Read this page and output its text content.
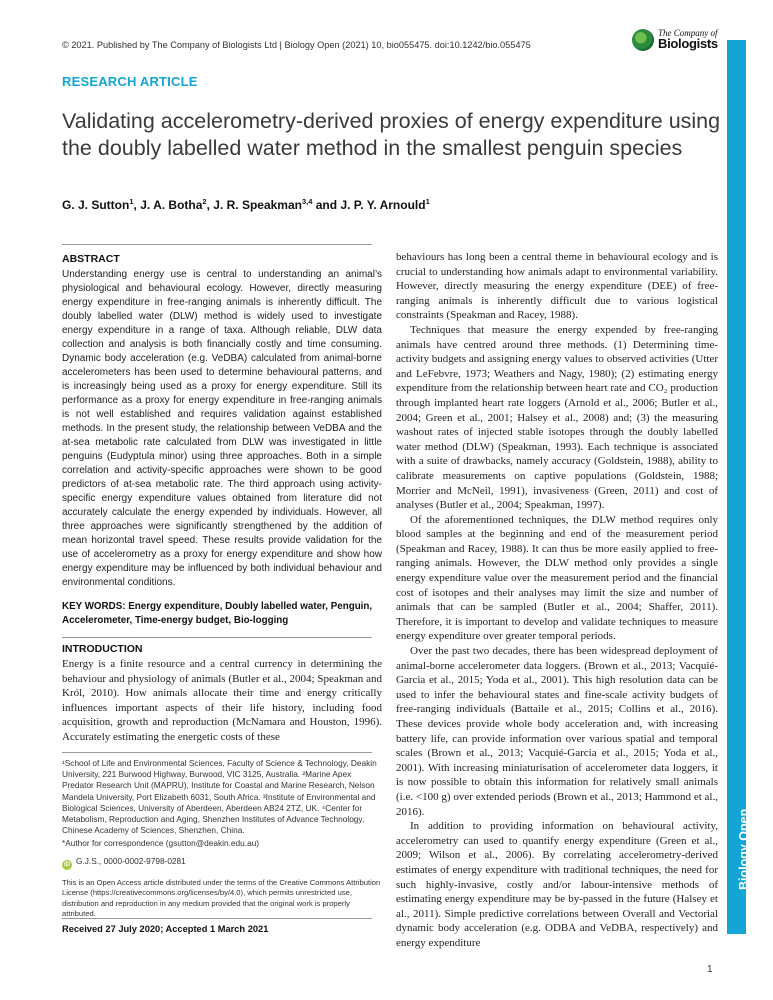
© 2021. Published by The Company of Biologists Ltd | Biology Open (2021) 10, bio055475. doi:10.1242/bio.055475
The Company of
Biologists
Biology Open
RESEARCH ARTICLE
Validating accelerometry-derived proxies of energy expenditure using the doubly labelled water method in the smallest penguin species
G. J. Sutton$^1$, J. A. Botha$^2$, J. R. Speakman$^{3,4}$ and J. P. Y. Arnould$^1$
ABSTRACT

Understanding energy use is central to understanding an animal’s physiological and behavioural ecology. However, directly measuring energy expenditure in free-ranging animals is inherently difficult. The doubly labelled water (DLW) method is widely used to investigate energy expenditure in a range of taxa. Although reliable, DLW data collection and analysis is both financially costly and time consuming. Dynamic body acceleration (e.g. VeDBA) calculated from animal-borne accelerometers has been used to determine behavioural patterns, and is increasingly being used as a proxy for energy expenditure. Still its performance as a proxy for energy expenditure in free-ranging animals is not well established and requires validation against established methods. In the present study, the relationship between VeDBA and the at-sea metabolic rate calculated from DLW was investigated in little penguins (Eudyptula minor) using three approaches. Both in a simple correlation and activity-specific approaches were shown to be good predictors of at-sea metabolic rate. The third approach using activity-specific energy expenditure values obtained from literature did not accurately calculate the energy expended by individuals. However, all three approaches were significantly strengthened by the addition of mean horizontal travel speed. These results provide validation for the use of accelerometry as a proxy for energy expenditure and show how energy expenditure may be influenced by both individual behaviour and environmental conditions.

KEY WORDS: Energy expenditure, Doubly labelled water, Penguin, Accelerometer, Time-energy budget, Bio-logging
INTRODUCTION

Energy is a finite resource and a central currency in determining the behaviour and physiology of animals (Butler et al., 2004; Speakman and Król, 2010). How animals allocate their time and energy critically influences important aspects of their life history, including food acquisition, growth and reproduction (McNamara and Houston, 1996). Accurately estimating the energetic costs of these

¹School of Life and Environmental Sciences, Faculty of Science & Technology, Deakin University, 221 Burwood Highway, Burwood, VIC 3125, Australia. ²Marine Apex Predator Research Unit (MAPRU), Institute for Coastal and Marine Research, Nelson Mandela University, Port Elizabeth 6031, South Africa. ³Institute of Environmental and Biological Sciences, University of Aberdeen, Aberdeen AB24 2TZ, UK. ⁴Center for Metabolism, Reproduction and Aging, Shenzhen Institutes of Advance Technology, Chinese Academy of Sciences, Shenzhen, China.

*Author for correspondence (gsutton@deakin.edu.au)
iD G.J.S., 0000-0002-9798-0281

This is an Open Access article distributed under the terms of the Creative Commons Attribution License (https://creativecommons.org/licenses/by/4.0), which permits unrestricted use, distribution and reproduction in any medium provided that the original work is properly attributed.

Received 27 July 2020; Accepted 1 March 2021

behaviours has long been a central theme in behavioural ecology and is crucial to understanding how animals adapt to environmental variability. However, directly measuring the energy expenditure (DEE) of free-ranging animals is inherently difficult due to various logistical constraints (Speakman and Racey, 1988).

Techniques that measure the energy expended by free-ranging animals have centred around three methods. (1) Determining time-activity budgets and assigning energy values to observed activities (Utter and LeFebvre, 1973; Weathers and Nagy, 1980); (2) estimating energy expenditure from the relationship between heart rate and CO₂ production through implanted heart rate loggers (Arnold et al., 2006; Butler et al., 2004; Green et al., 2001; Halsey et al., 2008) and; (3) the measuring washout rates of injected stable isotopes through the doubly labelled water method (DLW) (Speakman, 1993). Each technique is associated with a suite of drawbacks, namely accuracy (Goldstein, 1988), ability to calibrate measurements on captive populations (Goldstein, 1988; Morrier and McNeil, 1991), invasiveness (Green, 2011) and cost of analyses (Butler et al., 2004; Speakman, 1997).

Of the aforementioned techniques, the DLW method requires only blood samples at the beginning and end of the measurement period (Speakman and Racey, 1988). It can thus be more easily applied to free-ranging animals. However, the DLW method only provides a single energy expenditure value over the measurement period and the financial cost of isotopes and their analyses may limit the size and number of animals that can be sampled (Butler et al., 2004; Shaffer, 2011). Therefore, it is important to develop and validate techniques to measure energy expenditure over greater temporal periods.

Over the past two decades, there has been widespread deployment of animal-borne accelerometer data loggers. (Brown et al., 2013; Vacquié-Garcia et al., 2015; Yoda et al., 2001). This high resolution data can be used to infer the behavioural states and fine-scale activity budgets of free-ranging individuals (Battaile et al., 2015; Collins et al., 2016). These devices provide whole body acceleration and, with increasing battery life, can provide information over various spatial and temporal scales (Brown et al., 2013; Vacquié-Garcia et al., 2015; Yoda et al., 2001). With increasing miniaturisation of accelerometer data loggers, it is now possible to obtain this information for relatively small animals (i.e. <100 g) over extended periods (Brown et al., 2013; Hammond et al., 2016).

In addition to providing information on behavioural activity, accelerometry can used to quantify energy expenditure (Green et al., 2009; Wilson et al., 2006). By correlating accelerometry-derived estimates of energy expenditure with traditional techniques, the need for such highly-invasive, costly and/or labour-intensive methods of estimating energy expenditure may be by-passed in the future (Halsey et al., 2011). Simple predictive correlations between Overall and Vectorial dynamic body acceleration (e.g. ODBA and VeDBA, respectively) and energy expenditure

1
